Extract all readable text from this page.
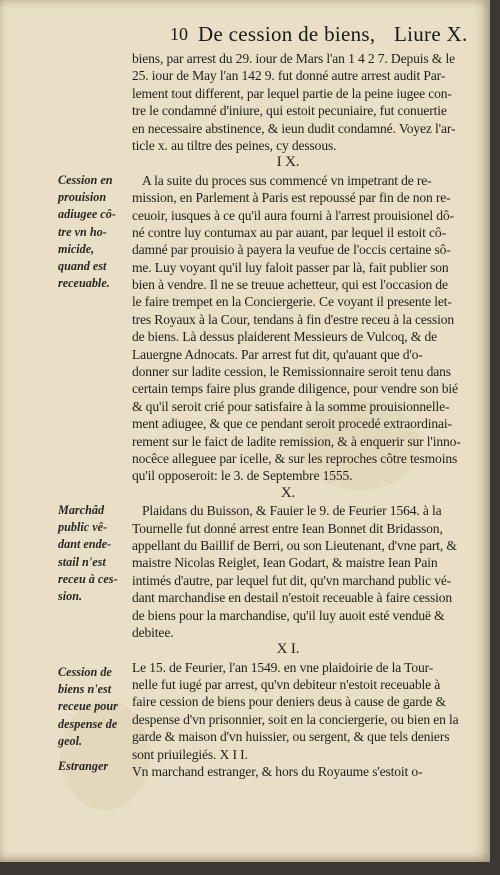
10 De cession de biens, Liure X.
biens, par arrest du 29. iour de Mars l'an 1 4 2 7. Depuis & le
25. iour de May l'an 142 9. fut donné autre arrest audit Par-
lement tout different, par lequel partie de la peine iugee con-
tre le condamné d'iniure, qui estoit pecuniaire, fut conuertie
en necessaire abstinence, & ieun dudit condamné. Voyez l'ar-
ticle x. au tiltre des peines, cy dessous.
I X.
A la suite du proces sus commencé vn impetrant de re-
mission, en Parlement à Paris est repoussé par fin de non re-
ceuoir, iusques à ce qu'il aura fourni à l'arrest prouisionel dô-
né contre luy contumax au par auant, par lequel il estoit cô-
damné par prouisio à payera la veufue de l'occis certaine sô-
me. Luy voyant qu'il luy faloit passer par là, fait publier son
bien à vendre. Il ne se treuue achetteur, qui est l'occasion de
le faire trempet en la Conciergerie. Ce voyant il presente let-
tres Royaux à la Cour, tendans à fin d'estre receu à la cession
de biens. Là dessus plaiderent Messieurs de Vulcoq, & de
Lauergne Adnocats. Par arrest fut dit, qu'auant que d'o-
donner sur ladite cession, le Remissionnaire seroit tenu dans
certain temps faire plus grande diligence, pour vendre son bié
& qu'il seroit crié pour satisfaire à la somme prouisionnelle-
ment adiugee, & que ce pendant seroit procedé extraordinai-
rement sur le faict de ladite remission, & à enquerir sur l'inno-
nocêce alleguee par icelle, & sur les reproches côtre tesmoins
qu'il opposeroit: le 3. de Septembre 1555.
X.
Plaidans du Buisson, & Fauier le 9. de Feurier 1564. à la
Tournelle fut donné arrest entre Iean Bonnet dit Bridasson,
appellant du Baillif de Berri, ou son Lieutenant, d'vne part, &
maistre Nicolas Reiglet, Iean Godart, & maistre Iean Pain
intimés d'autre, par lequel fut dit, qu'vn marchand public vé-
dant marchandise en destail n'estoit receuable à faire cession
de biens pour la marchandise, qu'il luy auoit esté venduë &
debitee.
X I.
Le 15. de Feurier, l'an 1549. en vne plaidoirie de la Tour-
nelle fut iugé par arrest, qu'vn debiteur n'estoit receuable à
faire cession de biens pour deniers deus à cause de garde &
despense d'vn prisonnier, soit en la conciergerie, ou bien en la
garde & maison d'vn huissier, ou sergent, & que tels deniers
sont priuilegiés. X I I.
Vn marchand estranger, & hors du Royaume s'estoit o-
Cession en
prouision
adiugee cô-
tre vn ho-
micide,
quand est
receuable.
Marchâd
public vê-
dant ende-
stail n'est
receu à ces-
sion.
Cession de
biens n'est
receue pour
despense de
geol.
Estranger
